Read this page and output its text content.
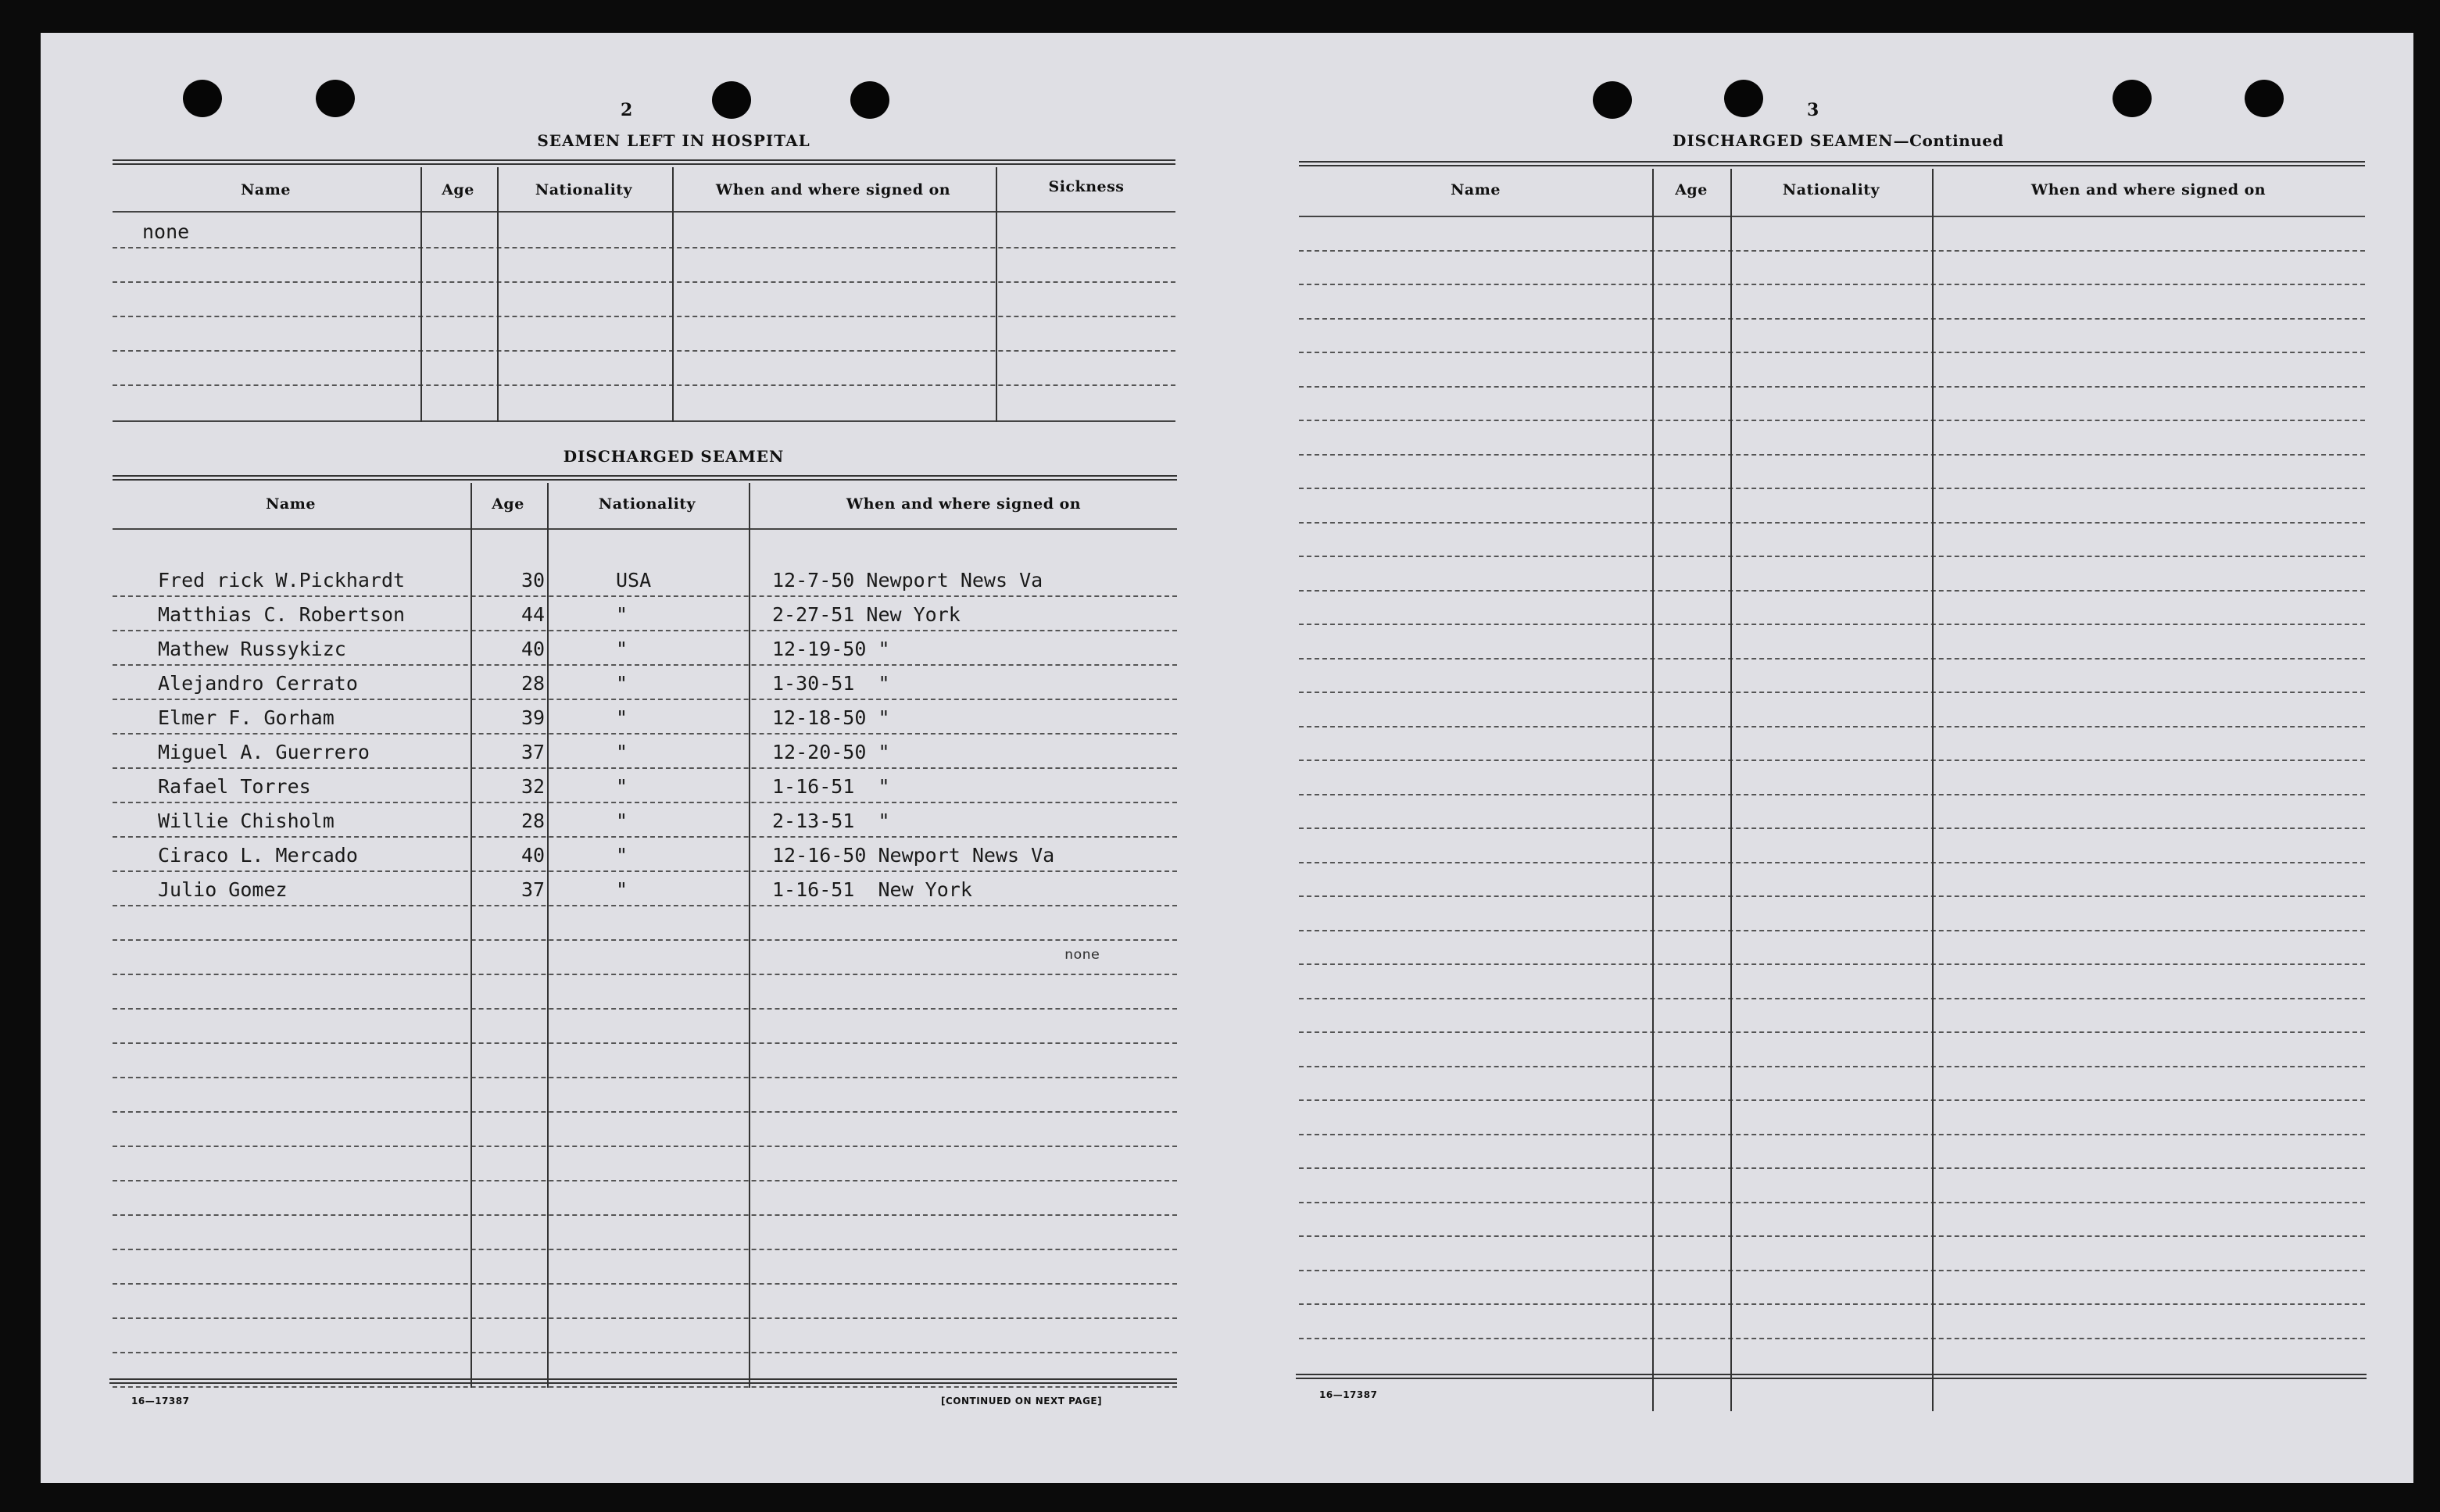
2
SEAMEN LEFT IN HOSPITAL
Name	Age	Nationality	When and where signed on	Sickness
none
DISCHARGED SEAMEN
Name	Age	Nationality	When and where signed on
Fred rick W.Pickhardt	30	USA	12-7-50 Newport News Va
Matthias C. Robertson	44	"	2-27-51 New York
Mathew Russykizc	40	"	12-19-50 "
Alejandro Cerrato	28	"	1-30-51  "
Elmer F. Gorham	39	"	12-18-50 "
Miguel A. Guerrero	37	"	12-20-50 "
Rafael Torres	32	"	1-16-51  "
Willie Chisholm	28	"	2-13-51  "
Ciraco L. Mercado	40	"	12-16-50 Newport News Va
Julio Gomez	37	"	1-16-51  New York
none
16—17387	[CONTINUED ON NEXT PAGE]
3
DISCHARGED SEAMEN—Continued
Name	Age	Nationality	When and where signed on
16—17387
